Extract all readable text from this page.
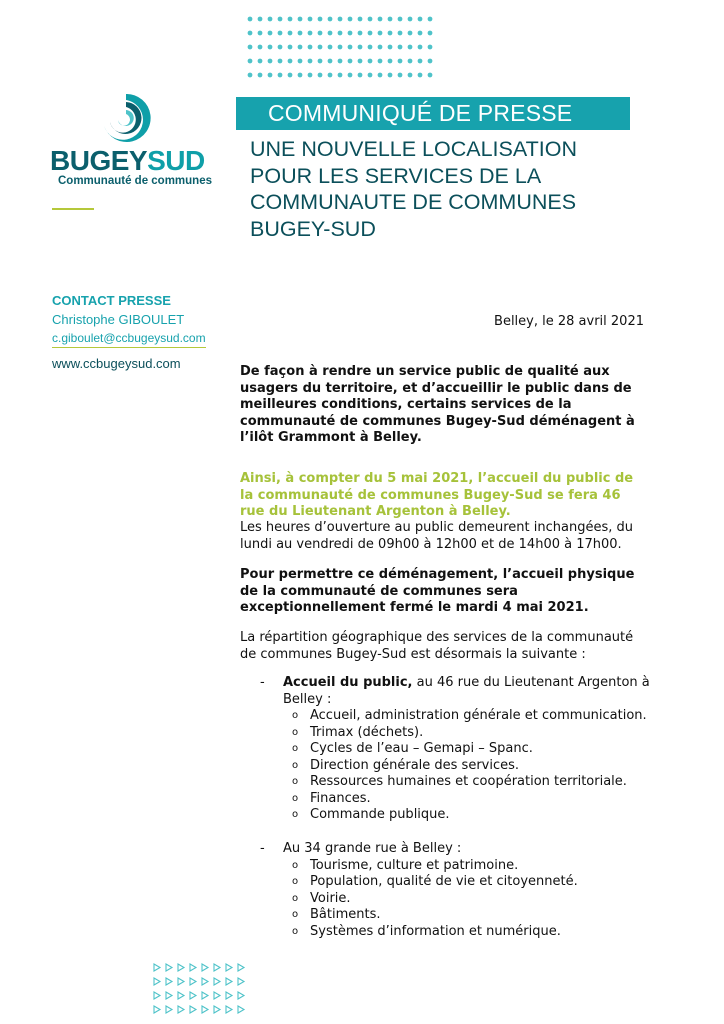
BUGEYSUD
Communauté de communes
COMMUNIQUÉ DE PRESSE
UNE NOUVELLE LOCALISATION
POUR LES SERVICES DE LA
COMMUNAUTE DE COMMUNES
BUGEY-SUD
CONTACT PRESSE
Christophe GIBOULET
c.giboulet@ccbugeysud.com
www.ccbugeysud.com
Belley, le 28 avril 2021
De façon à rendre un service public de qualité aux usagers du territoire, et d’accueillir le public dans de meilleures conditions, certains services de la communauté de communes Bugey-Sud déménagent à l’ilôt Grammont à Belley.
Ainsi, à compter du 5 mai 2021, l’accueil du public de la communauté de communes Bugey-Sud se fera 46 rue du Lieutenant Argenton à Belley.
Les heures d’ouverture au public demeurent inchangées, du lundi au vendredi de 09h00 à 12h00 et de 14h00 à 17h00.
Pour permettre ce déménagement, l’accueil physique de la communauté de communes sera exceptionnellement fermé le mardi 4 mai 2021.
La répartition géographique des services de la communauté de communes Bugey-Sud est désormais la suivante :
- Accueil du public, au 46 rue du Lieutenant Argenton à Belley :
o Accueil, administration générale et communication.
o Trimax (déchets).
o Cycles de l’eau – Gemapi – Spanc.
o Direction générale des services.
o Ressources humaines et coopération territoriale.
o Finances.
o Commande publique.
- Au 34 grande rue à Belley :
o Tourisme, culture et patrimoine.
o Population, qualité de vie et citoyenneté.
o Voirie.
o Bâtiments.
o Systèmes d’information et numérique.
